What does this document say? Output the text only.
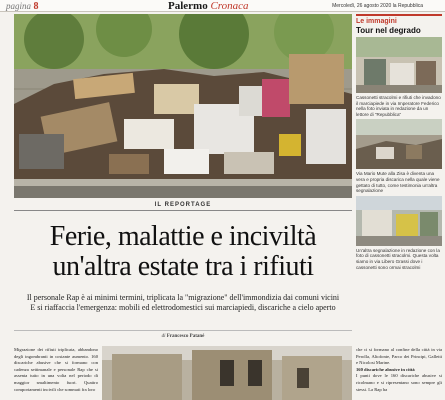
pagina 8	Palermo Cronaca	Mercoledì, 26 agosto 2020 la Repubblica
IL REPORTAGE
Ferie, malattie e inciviltà
un'altra estate tra i rifiuti
Il personale Rap è ai minimi termini, triplicata la "migrazione" dell'immondizia dai comuni vicini
E si riaffaccia l'emergenza: mobili ed elettrodomestici sui marciapiedi, discariche a cielo aperto
di Francesco Patané
Migrazione dei rifiuti triplicata, abbandono degli ingombranti in costante aumento. 160 discariche abusive che si formano con cadenza settimanale e personale Rap che si assenta tutto in una volta nel periodo di maggior smaltimento fuori. Quattro comportamenti incivili che sommati fra loro
che ci si formano al confine della città in via Perolla, Altofonte, Parco dei Principi, Galletti e Nicolosi Marine.
160 discariche abusive in città
I punti dove le 160 discariche abusive si ricolmano e si ripresentano sono sempre gli stessi. La Rap ha
Le immagini
Tour nel degrado
Cassonetti stracolmi e rifiuti che invadono il marciapiede in via Imperatore Federico nella foto inviata in redazione da un lettore di "Repubblica"
Via Mario Mute alla Zisa è diventa una vera e propria discarica nella quale viene gettato di tutto, come testimonia un'altra segnalazione
Un'altra segnalazione in redazione con la foto di cassonetti stracolmi. Questa volta siamo in via Libero Grassi dove i cassonetti sono ormai stracolmi
